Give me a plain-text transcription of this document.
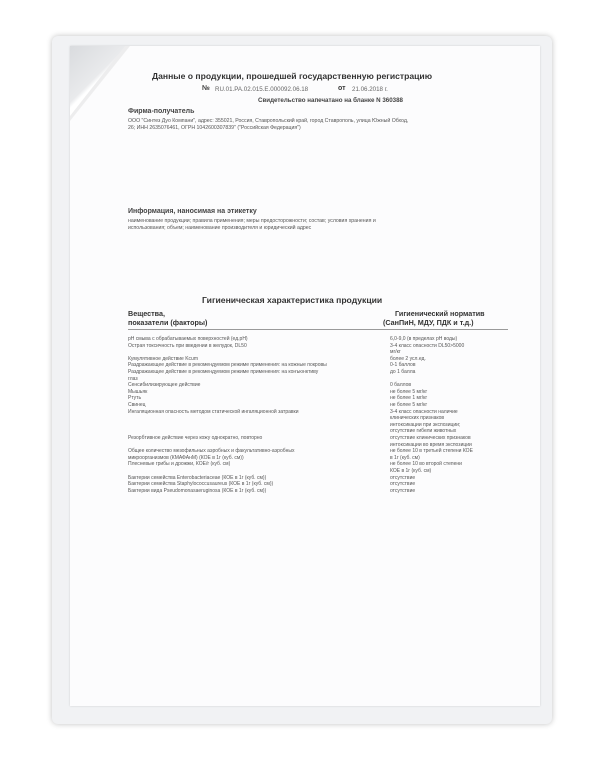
Данные о продукции, прошедшей государственную регистрацию
№ RU.01.PA.02.015.E.000092.06.18	от 21.06.2018 г.
Свидетельство напечатано на бланке N 360388
Фирма-получатель
ООО "Синтез Дуо Компани", адрес: 355021, Россия, Ставропольский край, город Ставрополь, улица Южный Обход,
26; ИНН 2635076461, ОГРН 1042600307839" ("Российская Федерация")
Информация, наносимая на этикетку
наименование продукции; правила применения; меры предосторожности; состав; условия хранения и
использования; объем; наименование производителя и юридический адрес
Гигиеническая характеристика продукции
Вещества,
показатели (факторы)
Гигиенический норматив
(СанПиН, МДУ, ПДК и т.д.)
pH смыва с обрабатываемых поверхностей (ед.pH)	6,0-9,0 (в пределах pH воды)
Острая токсичность при введении в желудок, DL50	3-4 класс опасности DL50>5000
мг/кг
Кумулятивное действие Kcum	более 2 усл.ед.
Раздражающее действие в рекомендуемом режиме применения: на кожные покровы	0-1 баллов
Раздражающее действие в рекомендуемом режиме применения: на конъюнктиву	до 1 балла
глаз
Сенсибилизирующее действие	0 баллов
Мышьяк	не более 5 мг/кг
Ртуть	не более 1 мг/кг
Свинец	не более 5 мг/кг
Ингаляционная опасность методом статической ингаляционной затравки	3-4 класс опасности наличие
клинических признаков
интоксикации при экспозиции;
отсутствие гибели животных
Резорбтивное действие через кожу однократно, повторно	отсутствие клинических признаков
интоксикации во время экспозиции
Общее количество мезофильных аэробных и факультативно-аэробных	не более 10 в третьей степени КОЕ
микроорганизмов (КМАФАнМ) (КОЕ в 1г (куб. см))	в 1г (куб. см)
Плесневые грибы и дрожжи, КОЕ/г (куб. см)	не более 10 во второй степени
КОЕ в 1г (куб. см)
Бактерии семейства Enterobacteriaceae (КОЕ в 1г (куб. см))	отсутствие
Бактерии семейства Staphylococcusaureus (КОЕ в 1г (куб. см))	отсутствие
Бактерии вида Pseudomonasaeruginosa (КОЕ в 1г (куб. см))	отсутствие
